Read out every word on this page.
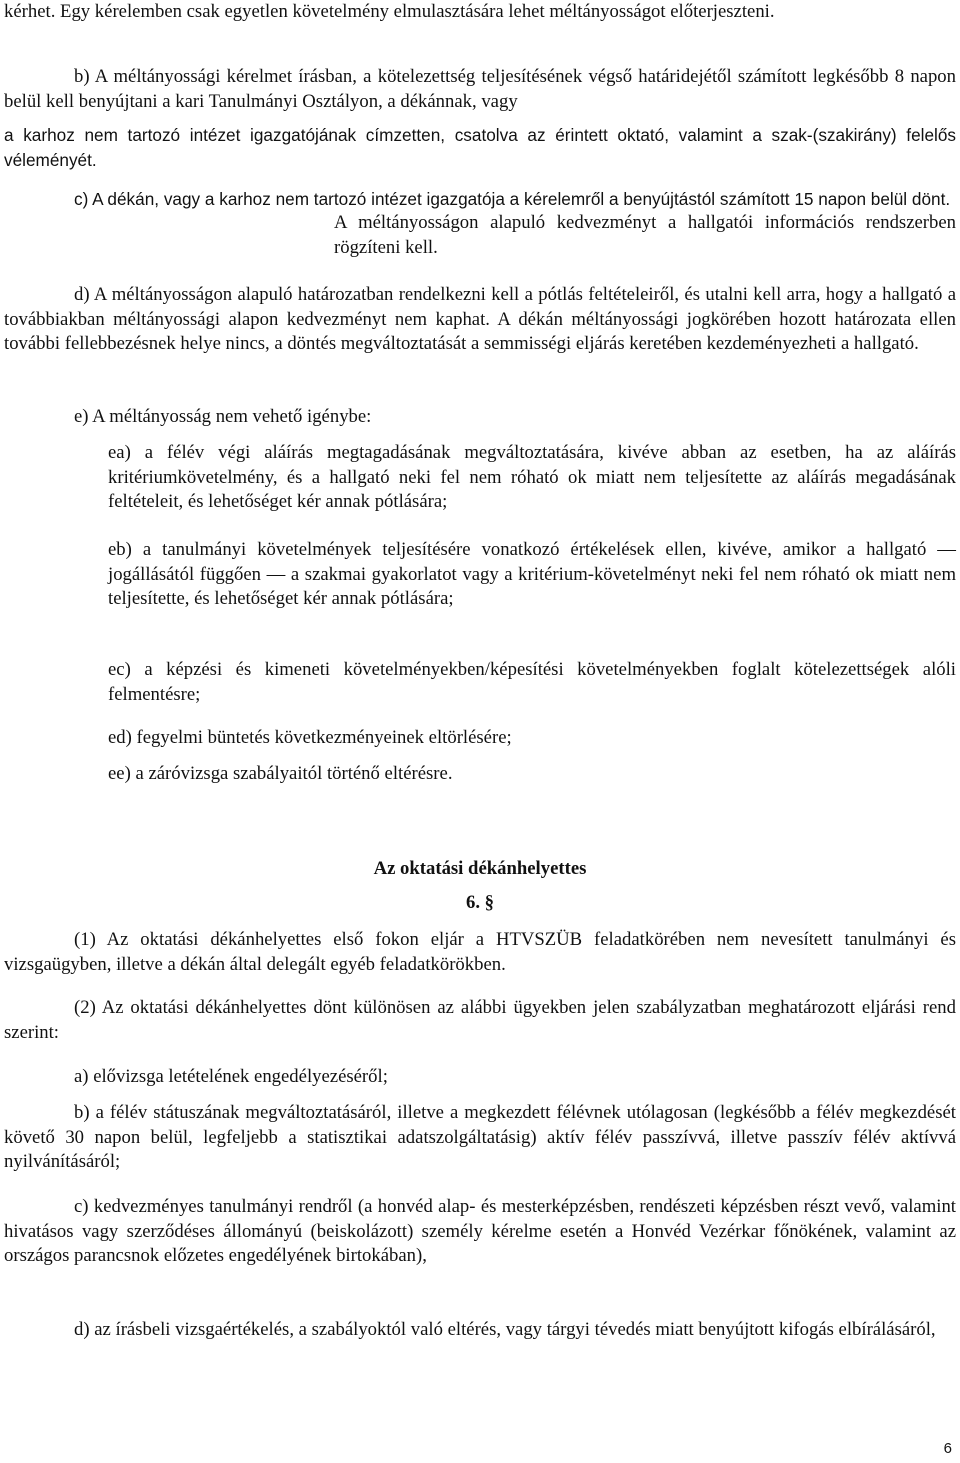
kérhet. Egy kérelemben csak egyetlen követelmény elmulasztására lehet méltányosságot előterjeszteni.
b) A méltányossági kérelmet írásban, a kötelezettség teljesítésének végső határidejétől számított legkésőbb 8 napon belül kell benyújtani a kari Tanulmányi Osztályon, a dékánnak, vagy
a karhoz nem tartozó intézet igazgatójának címzetten, csatolva az érintett oktató, valamint a szak-(szakirány) felelős véleményét.
c) A dékán, vagy a karhoz nem tartozó intézet igazgatója a kérelemről a benyújtástól számított 15 napon belül dönt.
A méltányosságon alapuló kedvezményt a hallgatói információs rendszerben rögzíteni kell.
d) A méltányosságon alapuló határozatban rendelkezni kell a pótlás feltételeiről, és utalni kell arra, hogy a hallgató a továbbiakban méltányossági alapon kedvezményt nem kaphat. A dékán méltányossági jogkörében hozott határozata ellen további fellebbezésnek helye nincs, a döntés megváltoztatását a semmisségi eljárás keretében kezdeményezheti a hallgató.
e) A méltányosság nem vehető igénybe:
ea) a félév végi aláírás megtagadásának megváltoztatására, kivéve abban az esetben, ha az aláírás kritériumkövetelmény, és a hallgató neki fel nem róható ok miatt nem teljesítette az aláírás megadásának feltételeit, és lehetőséget kér annak pótlására;
eb) a tanulmányi követelmények teljesítésére vonatkozó értékelések ellen, kivéve, amikor a hallgató — jogállásától függően — a szakmai gyakorlatot vagy a kritérium-követelményt neki fel nem róható ok miatt nem teljesítette, és lehetőséget kér annak pótlására;
ec) a képzési és kimeneti követelményekben/képesítési követelményekben foglalt kötelezettségek alóli felmentésre;
ed) fegyelmi büntetés következményeinek eltörlésére;
ee) a záróvizsga szabályaitól történő eltérésre.
Az oktatási dékánhelyettes
6. §
(1) Az oktatási dékánhelyettes első fokon eljár a HTVSZÜB feladatkörében nem nevesített tanulmányi és vizsgaügyben, illetve a dékán által delegált egyéb feladatkörökben.
(2) Az oktatási dékánhelyettes dönt különösen az alábbi ügyekben jelen szabályzatban meghatározott eljárási rend szerint:
a) elővizsga letételének engedélyezéséről;
b) a félév státuszának megváltoztatásáról, illetve a megkezdett félévnek utólagosan (legkésőbb a félév megkezdését követő 30 napon belül, legfeljebb a statisztikai adatszolgáltatásig) aktív félév passzívvá, illetve passzív félév aktívvá nyilvánításáról;
c) kedvezményes tanulmányi rendről (a honvéd alap- és mesterképzésben, rendészeti képzésben részt vevő, valamint hivatásos vagy szerződéses állományú (beiskolázott) személy kérelme esetén a Honvéd Vezérkar főnökének, valamint az országos parancsnok előzetes engedélyének birtokában),
d) az írásbeli vizsgaértékelés, a szabályoktól való eltérés, vagy tárgyi tévedés miatt benyújtott kifogás elbírálásáról,
6
